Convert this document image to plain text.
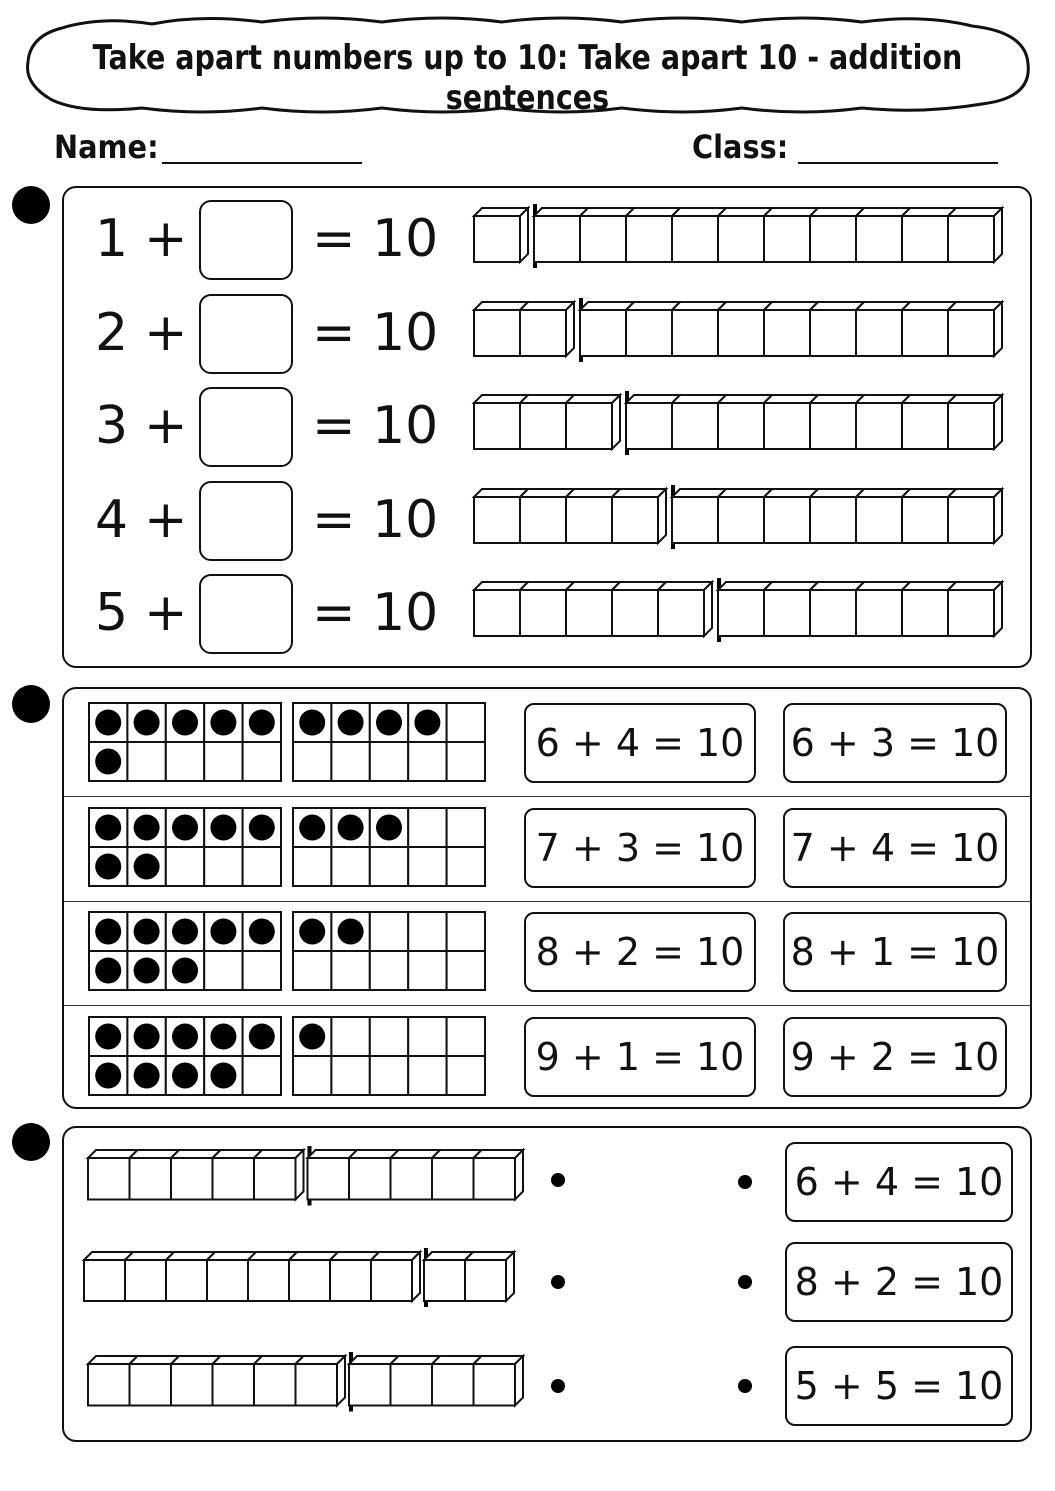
Take apart numbers up to 10: Take apart 10 - addition sentences
Name:	Class:
1 + = 10
2 + = 10
3 + = 10
4 + = 10
5 + = 10
6 + 4 = 10	6 + 3 = 10
7 + 3 = 10	7 + 4 = 10
8 + 2 = 10	8 + 1 = 10
9 + 1 = 10	9 + 2 = 10
6 + 4 = 10
8 + 2 = 10
5 + 5 = 10
